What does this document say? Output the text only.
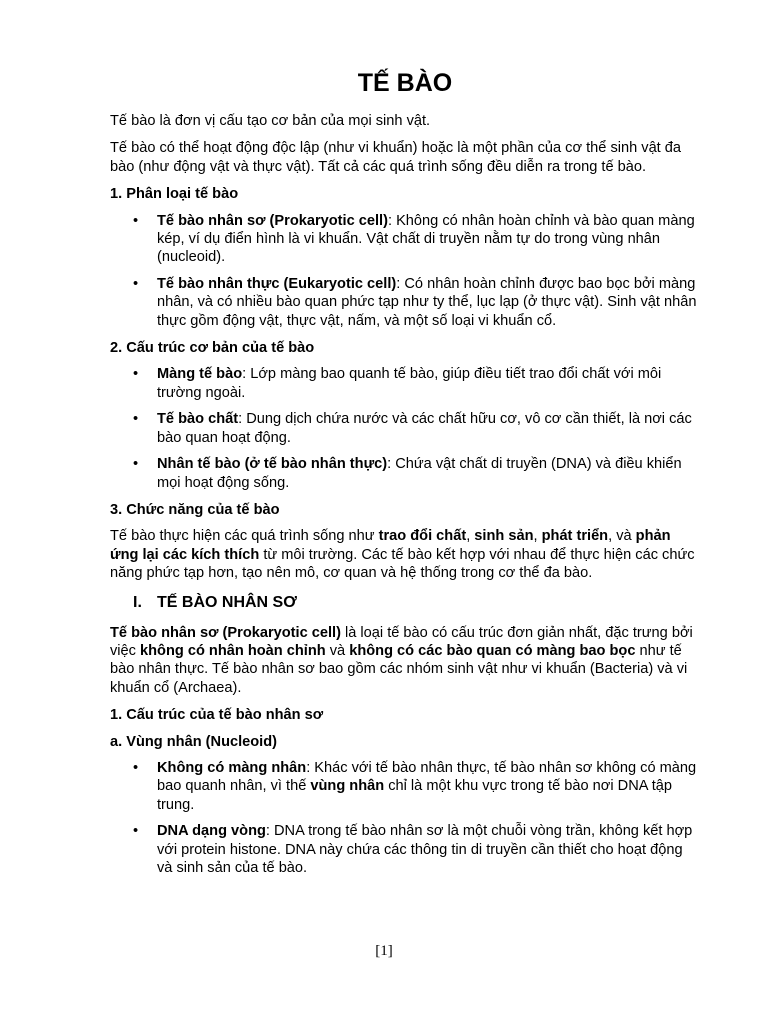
TẾ BÀO

Tế bào là đơn vị cấu tạo cơ bản của mọi sinh vật.

Tế bào có thể hoạt động độc lập (như vi khuẩn) hoặc là một phần của cơ thể sinh vật đa bào (như động vật và thực vật). Tất cả các quá trình sống đều diễn ra trong tế bào.

1. Phân loại tế bào

• Tế bào nhân sơ (Prokaryotic cell): Không có nhân hoàn chỉnh và bào quan màng kép, ví dụ điển hình là vi khuẩn. Vật chất di truyền nằm tự do trong vùng nhân (nucleoid).
• Tế bào nhân thực (Eukaryotic cell): Có nhân hoàn chỉnh được bao bọc bởi màng nhân, và có nhiều bào quan phức tạp như ty thể, lục lạp (ở thực vật). Sinh vật nhân thực gồm động vật, thực vật, nấm, và một số loại vi khuẩn cổ.

2. Cấu trúc cơ bản của tế bào

• Màng tế bào: Lớp màng bao quanh tế bào, giúp điều tiết trao đổi chất với môi trường ngoài.
• Tế bào chất: Dung dịch chứa nước và các chất hữu cơ, vô cơ cần thiết, là nơi các bào quan hoạt động.
• Nhân tế bào (ở tế bào nhân thực): Chứa vật chất di truyền (DNA) và điều khiển mọi hoạt động sống.

3. Chức năng của tế bào

Tế bào thực hiện các quá trình sống như trao đổi chất, sinh sản, phát triển, và phản ứng lại các kích thích từ môi trường. Các tế bào kết hợp với nhau để thực hiện các chức năng phức tạp hơn, tạo nên mô, cơ quan và hệ thống trong cơ thể đa bào.

I. TẾ BÀO NHÂN SƠ

Tế bào nhân sơ (Prokaryotic cell) là loại tế bào có cấu trúc đơn giản nhất, đặc trưng bởi việc không có nhân hoàn chỉnh và không có các bào quan có màng bao bọc như tế bào nhân thực. Tế bào nhân sơ bao gồm các nhóm sinh vật như vi khuẩn (Bacteria) và vi khuẩn cổ (Archaea).

1. Cấu trúc của tế bào nhân sơ

a. Vùng nhân (Nucleoid)

• Không có màng nhân: Khác với tế bào nhân thực, tế bào nhân sơ không có màng bao quanh nhân, vì thế vùng nhân chỉ là một khu vực trong tế bào nơi DNA tập trung.
• DNA dạng vòng: DNA trong tế bào nhân sơ là một chuỗi vòng trần, không kết hợp với protein histone. DNA này chứa các thông tin di truyền cần thiết cho hoạt động và sinh sản của tế bào.
[1]
